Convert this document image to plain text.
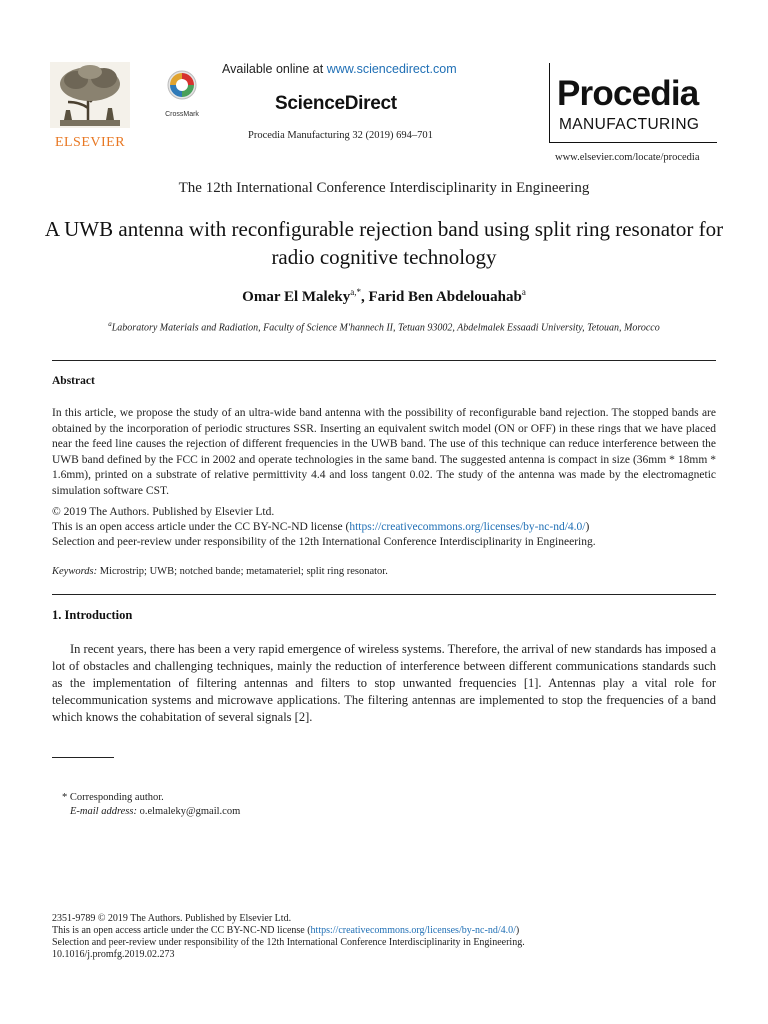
ELSEVIER
CrossMark
Available online at www.sciencedirect.com
ScienceDirect
Procedia Manufacturing 32 (2019) 694–701
Procedia
MANUFACTURING
www.elsevier.com/locate/procedia
The 12th International Conference Interdisciplinarity in Engineering
A UWB antenna with reconfigurable rejection band using split ring resonator for radio cognitive technology
Omar El Maleky$^{a,*}$, Farid Ben Abdelouahab$^a$
$^a$Laboratory Materials and Radiation, Faculty of Science M'hannech II, Tetuan 93002, Abdelmalek Essaadi University, Tetouan, Morocco
Abstract
In this article, we propose the study of an ultra-wide band antenna with the possibility of reconfigurable band rejection. The stopped bands are obtained by the incorporation of periodic structures SSR. Inserting an equivalent switch model (ON or OFF) in these rings that we have placed near the feed line causes the rejection of different frequencies in the UWB band. The use of this technique can reduce interference between the UWB band defined by the FCC in 2002 and operate technologies in the same band. The suggested antenna is compact in size (36mm * 18mm * 1.6mm), printed on a substrate of relative permittivity 4.4 and loss tangent 0.02. The study of the antenna was made by the electromagnetic simulation software CST.
© 2019 The Authors. Published by Elsevier Ltd.
This is an open access article under the CC BY-NC-ND license (https://creativecommons.org/licenses/by-nc-nd/4.0/)
Selection and peer-review under responsibility of the 12th International Conference Interdisciplinarity in Engineering.
Keywords: Microstrip; UWB; notched bande; metamateriel; split ring resonator.
1. Introduction
In recent years, there has been a very rapid emergence of wireless systems. Therefore, the arrival of new standards has imposed a lot of obstacles and challenging techniques, mainly the reduction of interference between different communications standards such as the implementation of filtering antennas and filters to stop unwanted frequencies [1]. Antennas play a vital role for telecommunication systems and microwave applications. The filtering antennas are implemented to stop the frequencies of a band which knows the cohabitation of several signals [2].
* Corresponding author.
E-mail address: o.elmaleky@gmail.com
2351-9789 © 2019 The Authors. Published by Elsevier Ltd.
This is an open access article under the CC BY-NC-ND license (https://creativecommons.org/licenses/by-nc-nd/4.0/)
Selection and peer-review under responsibility of the 12th International Conference Interdisciplinarity in Engineering.
10.1016/j.promfg.2019.02.273
